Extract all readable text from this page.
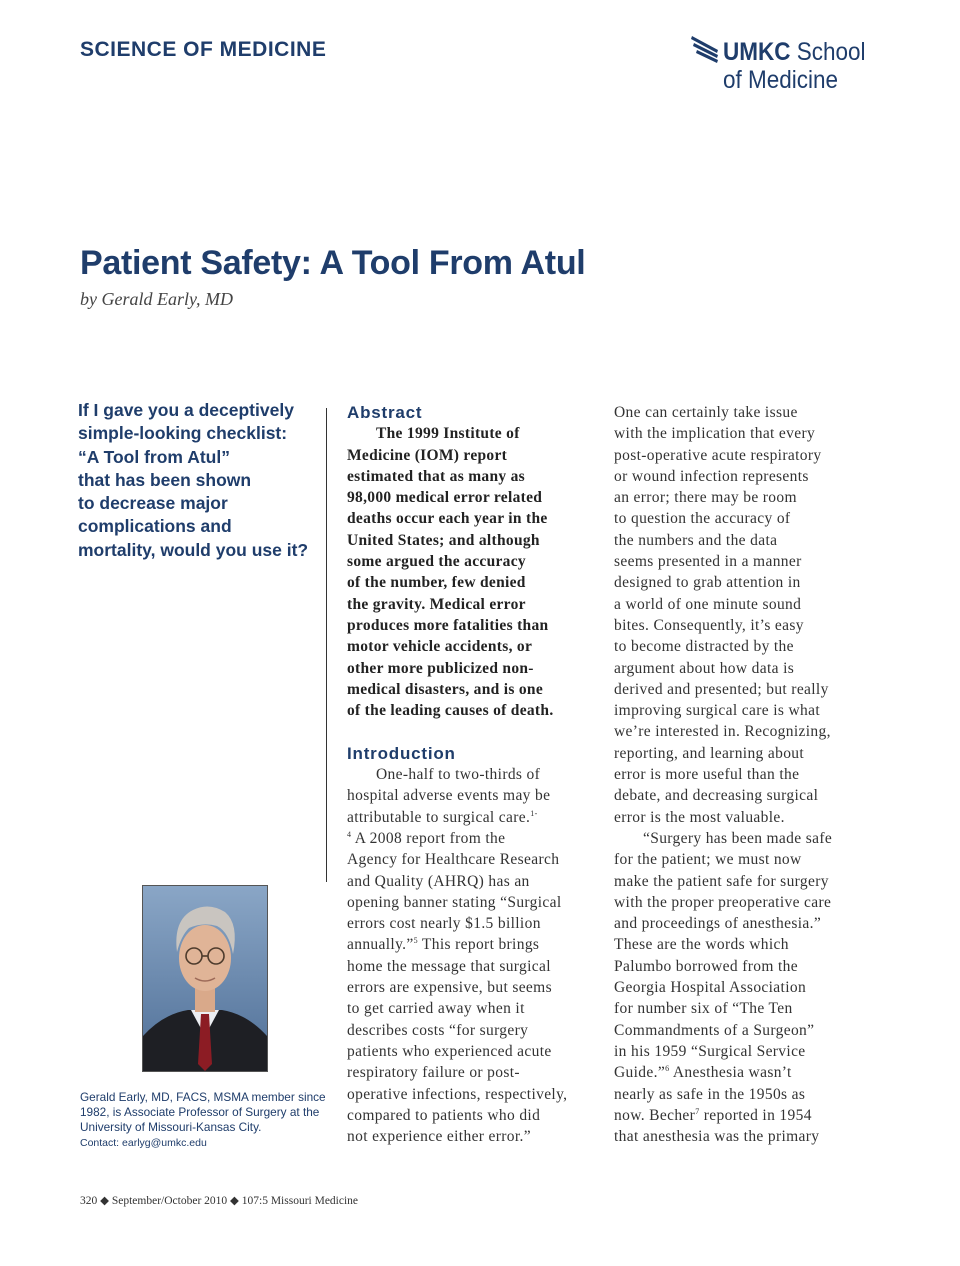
SCIENCE OF MEDICINE	UMKC School
of Medicine
Patient Safety: A Tool From Atul
by Gerald Early, MD
If I gave you a deceptively
simple-looking checklist:
“A Tool from Atul”
that has been shown
to decrease major
complications and
mortality, would you use it?
Gerald Early, MD, FACS, MSMA member since
1982, is Associate Professor of Surgery at the
University of Missouri-Kansas City.
Contact: earlyg@umkc.edu
Abstract
The 1999 Institute of
Medicine (IOM) report
estimated that as many as
98,000 medical error related
deaths occur each year in the
United States; and although
some argued the accuracy
of the number, few denied
the gravity. Medical error
produces more fatalities than
motor vehicle accidents, or
other more publicized non-
medical disasters, and is one
of the leading causes of death.
Introduction
One-half to two-thirds of
hospital adverse events may be
attributable to surgical care.$^{1-}$
$^4$ A 2008 report from the
Agency for Healthcare Research
and Quality (AHRQ) has an
opening banner stating “Surgical
errors cost nearly $1.5 billion
annually.”$^5$ This report brings
home the message that surgical
errors are expensive, but seems
to get carried away when it
describes costs “for surgery
patients who experienced acute
respiratory failure or post-
operative infections, respectively,
compared to patients who did
not experience either error.”
One can certainly take issue
with the implication that every
post-operative acute respiratory
or wound infection represents
an error; there may be room
to question the accuracy of
the numbers and the data
seems presented in a manner
designed to grab attention in
a world of one minute sound
bites. Consequently, it’s easy
to become distracted by the
argument about how data is
derived and presented; but really
improving surgical care is what
we’re interested in. Recognizing,
reporting, and learning about
error is more useful than the
debate, and decreasing surgical
error is the most valuable.
“Surgery has been made safe
for the patient; we must now
make the patient safe for surgery
with the proper preoperative care
and proceedings of anesthesia.”
These are the words which
Palumbo borrowed from the
Georgia Hospital Association
for number six of “The Ten
Commandments of a Surgeon”
in his 1959 “Surgical Service
Guide.”$^6$ Anesthesia wasn’t
nearly as safe in the 1950s as
now. Becher$^7$ reported in 1954
that anesthesia was the primary
320 ◆ September/October 2010 ◆ 107:5 Missouri Medicine
